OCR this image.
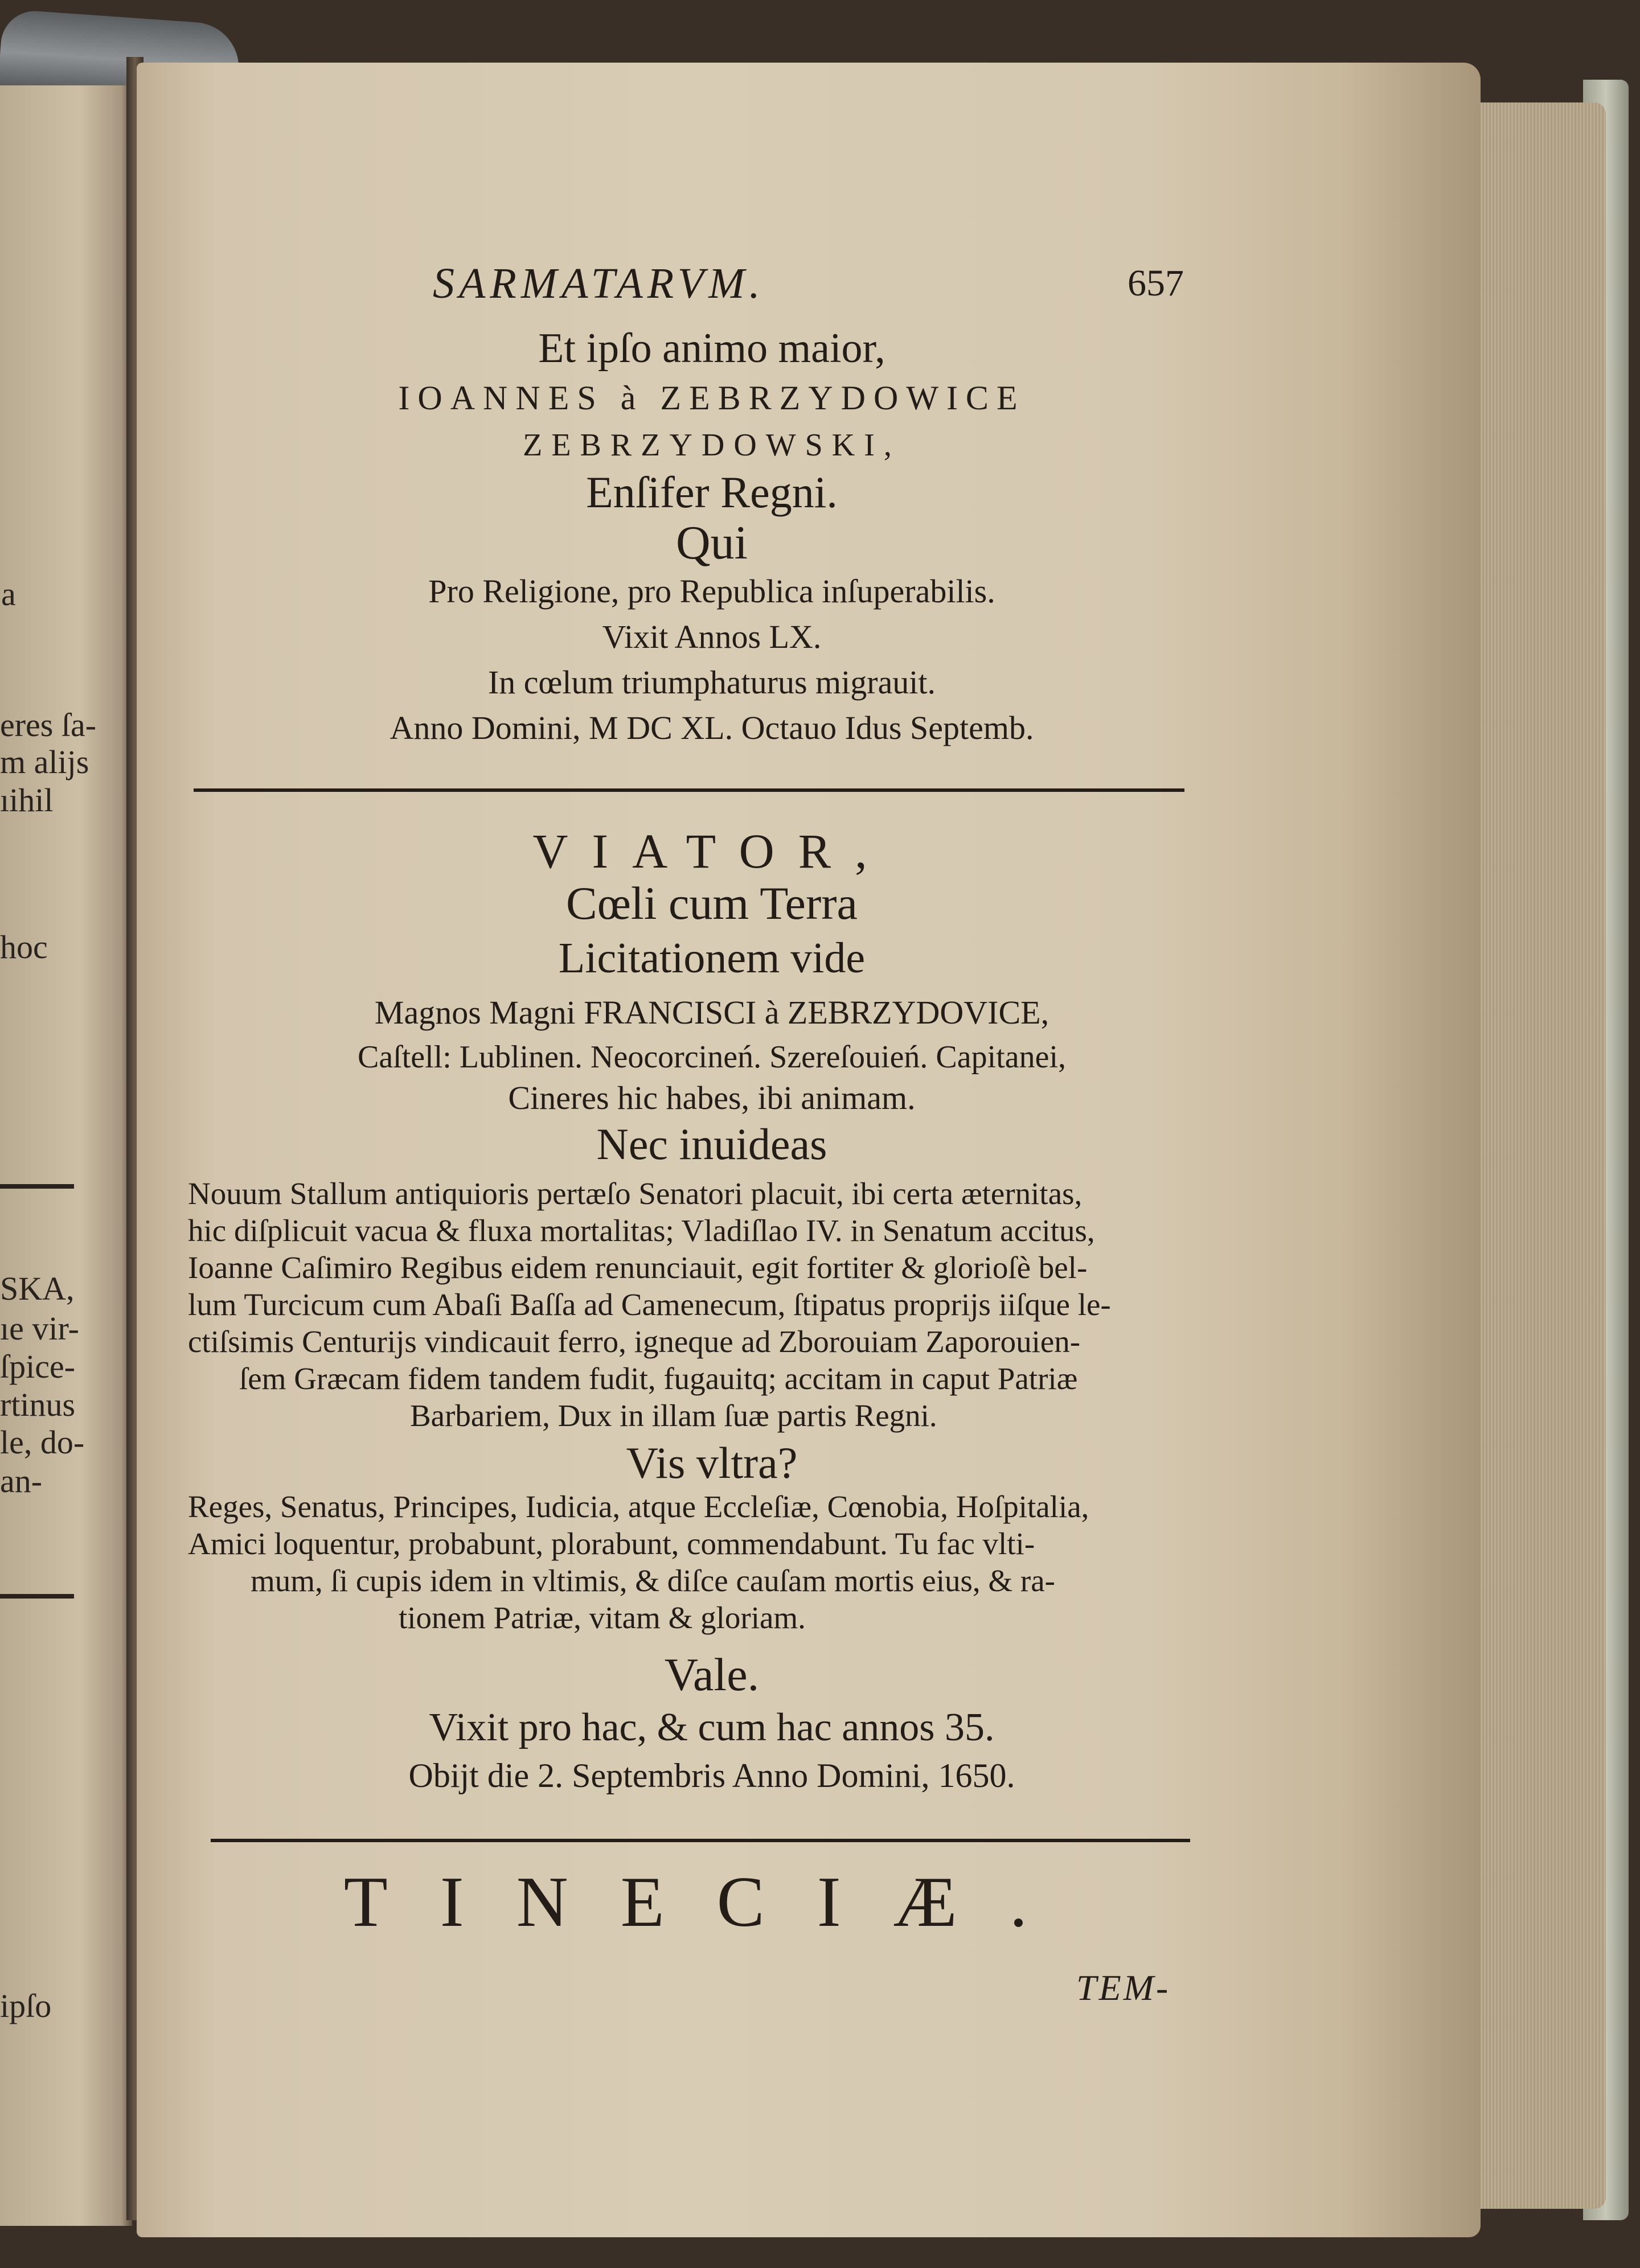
a
eres ſa-
m alijs
ıihil
hoc
SKA,
ıe vir-
ſpice-
rtinus
le, do-
an-
ipſo
SARMATARVM.	657
Et ipſo animo maior,
IOANNES à ZEBRZYDOWICE
ZEBRZYDOWSKI,
Enſifer Regni.
Qui
Pro Religione, pro Republica inſuperabilis.
Vixit Annos LX.
In cœlum triumphaturus migrauit.
Anno Domini, M DC XL. Octauo Idus Septemb.
VIATOR,
Cœli cum Terra
Licitationem vide
Magnos Magni FRANCISCI à ZEBRZYDOVICE,
Caſtell: Lublinen. Neocorcineń. Szereſouień. Capitanei,
Cineres hic habes, ibi animam.
Nec inuideas
Nouum Stallum antiquioris pertæſo Senatori placuit, ibi certa æternitas,
hic diſplicuit vacua & fluxa mortalitas; Vladiſlao IV. in Senatum accitus,
Ioanne Caſimiro Regibus eidem renunciauit, egit fortiter & glorioſè bel-
lum Turcicum cum Abaſi Baſſa ad Camenecum, ſtipatus proprijs iiſque le-
ctiſsimis Centurijs vindicauit ferro, igneque ad Zborouiam Zaporouien-
ſem Græcam fidem tandem fudit, fugauitq; accitam in caput Patriæ
Barbariem, Dux in illam ſuæ partis Regni.
Vis vltra?
Reges, Senatus, Principes, Iudicia, atque Eccleſiæ, Cœnobia, Hoſpitalia,
Amici loquentur, probabunt, plorabunt, commendabunt. Tu fac vlti-
mum, ſi cupis idem in vltimis, & diſce cauſam mortis eius, & ra-
tionem Patriæ, vitam & gloriam.
Vale.
Vixit pro hac, & cum hac annos 35.
Obijt die 2. Septembris Anno Domini, 1650.
TINECIÆ.
TEM-
